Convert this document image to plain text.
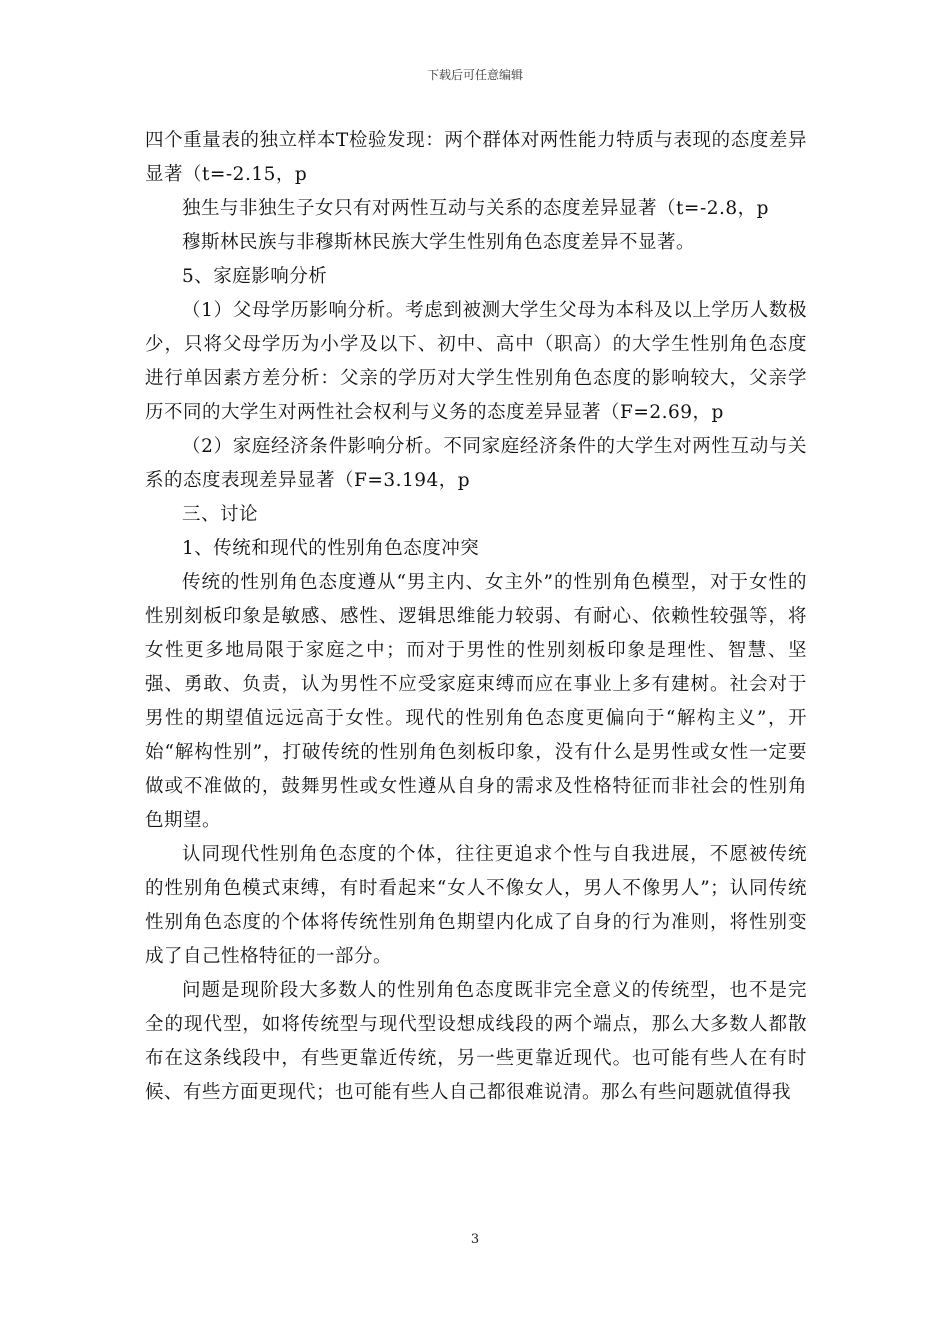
下载后可任意编辑

四个重量表的独立样本T检验发现：两个群体对两性能力特质与表现的态度差异显著（t=-2.15，p

独生与非独生子女只有对两性互动与关系的态度差异显著（t=-2.8，p

穆斯林民族与非穆斯林民族大学生性别角色态度差异不显著。

5、家庭影响分析

（1）父母学历影响分析。考虑到被测大学生父母为本科及以上学历人数极少，只将父母学历为小学及以下、初中、高中（职高）的大学生性别角色态度进行单因素方差分析：父亲的学历对大学生性别角色态度的影响较大，父亲学历不同的大学生对两性社会权利与义务的态度差异显著（F=2.69，p

（2）家庭经济条件影响分析。不同家庭经济条件的大学生对两性互动与关系的态度表现差异显著（F=3.194，p

三、讨论

1、传统和现代的性别角色态度冲突

传统的性别角色态度遵从“男主内、女主外”的性别角色模型，对于女性的性别刻板印象是敏感、感性、逻辑思维能力较弱、有耐心、依赖性较强等，将女性更多地局限于家庭之中；而对于男性的性别刻板印象是理性、智慧、坚强、勇敢、负责，认为男性不应受家庭束缚而应在事业上多有建树。社会对于男性的期望值远远高于女性。现代的性别角色态度更偏向于“解构主义”，开始“解构性别”，打破传统的性别角色刻板印象，没有什么是男性或女性一定要做或不准做的，鼓舞男性或女性遵从自身的需求及性格特征而非社会的性别角色期望。

认同现代性别角色态度的个体，往往更追求个性与自我进展，不愿被传统的性别角色模式束缚，有时看起来“女人不像女人，男人不像男人”；认同传统性别角色态度的个体将传统性别角色期望内化成了自身的行为准则，将性别变成了自己性格特征的一部分。

问题是现阶段大多数人的性别角色态度既非完全意义的传统型，也不是完全的现代型，如将传统型与现代型设想成线段的两个端点，那么大多数人都散布在这条线段中，有些更靠近传统，另一些更靠近现代。也可能有些人在有时候、有些方面更现代；也可能有些人自己都很难说清。那么有些问题就值得我

3
